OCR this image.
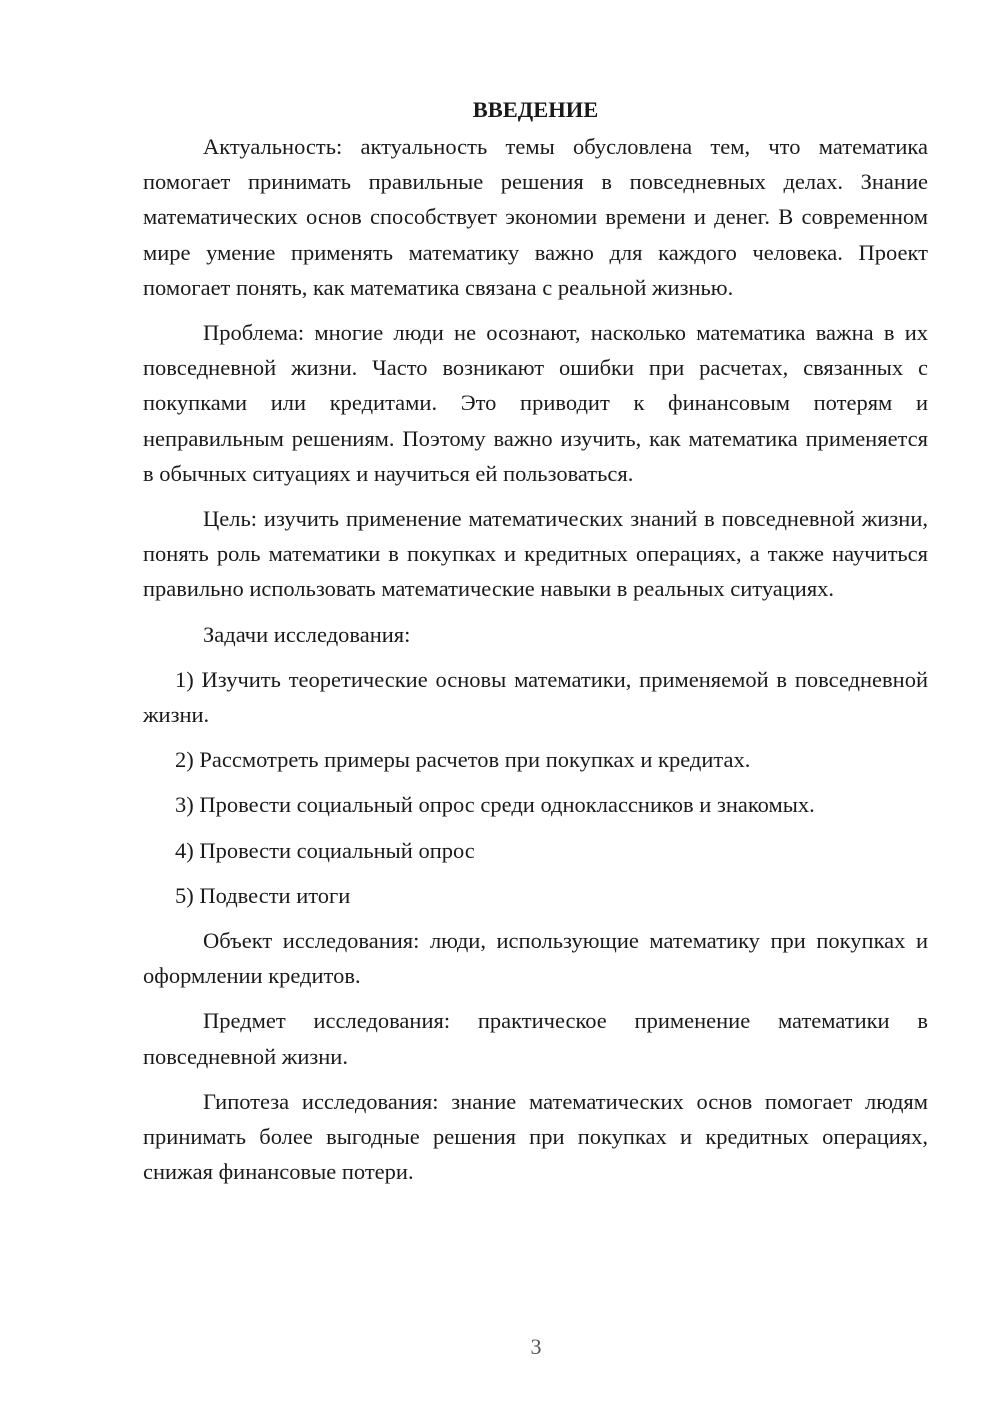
ВВЕДЕНИЕ

Актуальность: актуальность темы обусловлена тем, что математика помогает принимать правильные решения в повседневных делах. Знание математических основ способствует экономии времени и денег. В современном мире умение применять математику важно для каждого человека. Проект помогает понять, как математика связана с реальной жизнью.

Проблема: многие люди не осознают, насколько математика важна в их повседневной жизни. Часто возникают ошибки при расчетах, связанных с покупками или кредитами. Это приводит к финансовым потерям и неправильным решениям. Поэтому важно изучить, как математика применяется в обычных ситуациях и научиться ей пользоваться.

Цель: изучить применение математических знаний в повседневной жизни, понять роль математики в покупках и кредитных операциях, а также научиться правильно использовать математические навыки в реальных ситуациях.

Задачи исследования:

1) Изучить теоретические основы математики, применяемой в повседневной жизни.

2) Рассмотреть примеры расчетов при покупках и кредитах.

3) Провести социальный опрос среди одноклассников и знакомых.

4) Провести социальный опрос

5) Подвести итоги

Объект исследования: люди, использующие математику при покупках и оформлении кредитов.

Предмет исследования: практическое применение математики в повседневной жизни.

Гипотеза исследования: знание математических основ помогает людям принимать более выгодные решения при покупках и кредитных операциях, снижая финансовые потери.

3
